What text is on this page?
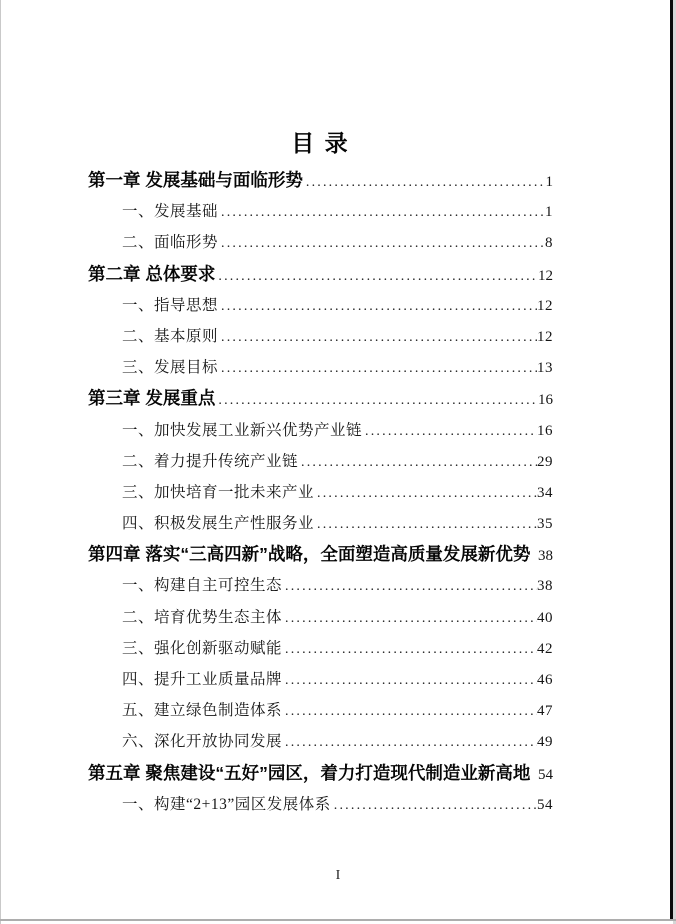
目 录
第一章 发展基础与面临形势 .....	1
一、发展基础 .....	1
二、面临形势 .....	8
第二章 总体要求 .....	12
一、指导思想 .....	12
二、基本原则 .....	12
三、发展目标 .....	13
第三章 发展重点 .....	16
一、加快发展工业新兴优势产业链 .....	16
二、着力提升传统产业链 .....	29
三、加快培育一批未来产业 .....	34
四、积极发展生产性服务业 .....	35
第四章 落实“三高四新”战略，全面塑造高质量发展新优势 38
一、构建自主可控生态 .....	38
二、培育优势生态主体 .....	40
三、强化创新驱动赋能 .....	42
四、提升工业质量品牌 .....	46
五、建立绿色制造体系 .....	47
六、深化开放协同发展 .....	49
第五章 聚焦建设“五好”园区，着力打造现代制造业新高地 54
一、构建“2+13”园区发展体系 .....	54
I
